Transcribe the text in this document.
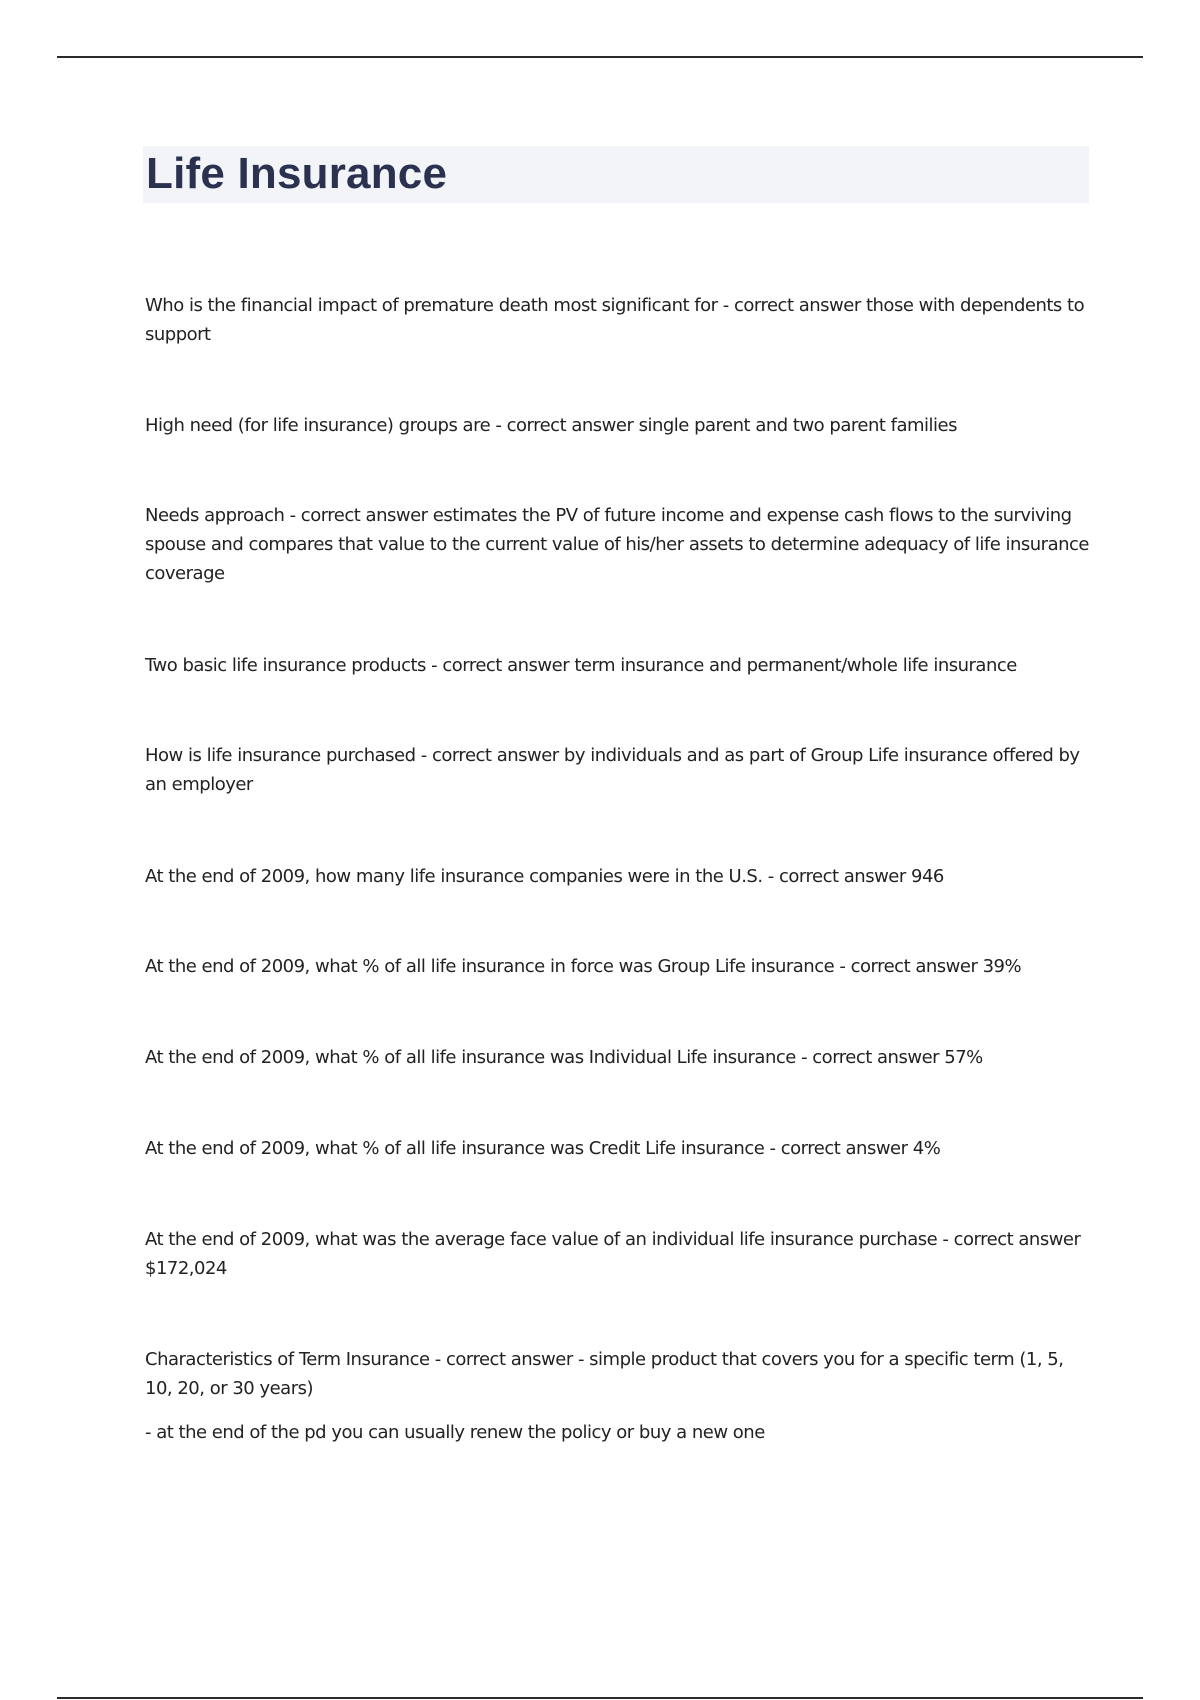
Life Insurance

Who is the financial impact of premature death most significant for - correct answer those with dependents to support

High need (for life insurance) groups are - correct answer single parent and two parent families

Needs approach - correct answer estimates the PV of future income and expense cash flows to the surviving spouse and compares that value to the current value of his/her assets to determine adequacy of life insurance coverage

Two basic life insurance products - correct answer term insurance and permanent/whole life insurance

How is life insurance purchased - correct answer by individuals and as part of Group Life insurance offered by an employer

At the end of 2009, how many life insurance companies were in the U.S. - correct answer 946

At the end of 2009, what % of all life insurance in force was Group Life insurance - correct answer 39%

At the end of 2009, what % of all life insurance was Individual Life insurance - correct answer 57%

At the end of 2009, what % of all life insurance was Credit Life insurance - correct answer 4%

At the end of 2009, what was the average face value of an individual life insurance purchase - correct answer $172,024

Characteristics of Term Insurance - correct answer - simple product that covers you for a specific term (1, 5, 10, 20, or 30 years)

- at the end of the pd you can usually renew the policy or buy a new one
